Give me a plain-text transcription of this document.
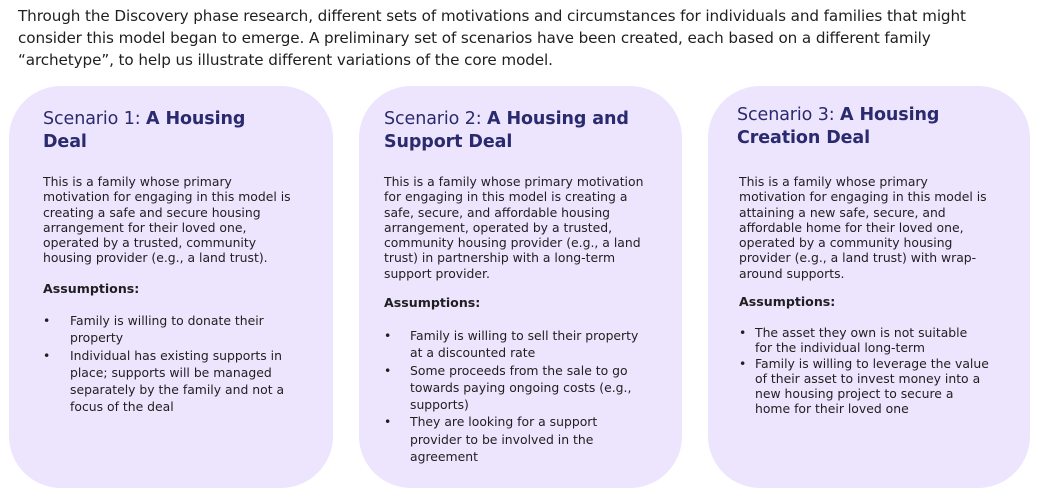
Through the Discovery phase research, different sets of motivations and circumstances for individuals and families that might
consider this model began to emerge. A preliminary set of scenarios have been created, each based on a different family
“archetype”, to help us illustrate different variations of the core model.
Scenario 1: A Housing
Deal
This is a family whose primary
motivation for engaging in this model is
creating a safe and secure housing
arrangement for their loved one,
operated by a trusted, community
housing provider (e.g., a land trust).
Assumptions:
• Family is willing to donate their
property
• Individual has existing supports in
place; supports will be managed
separately by the family and not a
focus of the deal
Scenario 2: A Housing and
Support Deal
This is a family whose primary motivation
for engaging in this model is creating a
safe, secure, and affordable housing
arrangement, operated by a trusted,
community housing provider (e.g., a land
trust) in partnership with a long-term
support provider.
Assumptions:
• Family is willing to sell their property
at a discounted rate
• Some proceeds from the sale to go
towards paying ongoing costs (e.g.,
supports)
• They are looking for a support
provider to be involved in the
agreement
Scenario 3: A Housing
Creation Deal
This is a family whose primary
motivation for engaging in this model is
attaining a new safe, secure, and
affordable home for their loved one,
operated by a community housing
provider (e.g., a land trust) with wrap-
around supports.
Assumptions:
• The asset they own is not suitable
for the individual long-term
• Family is willing to leverage the value
of their asset to invest money into a
new housing project to secure a
home for their loved one
